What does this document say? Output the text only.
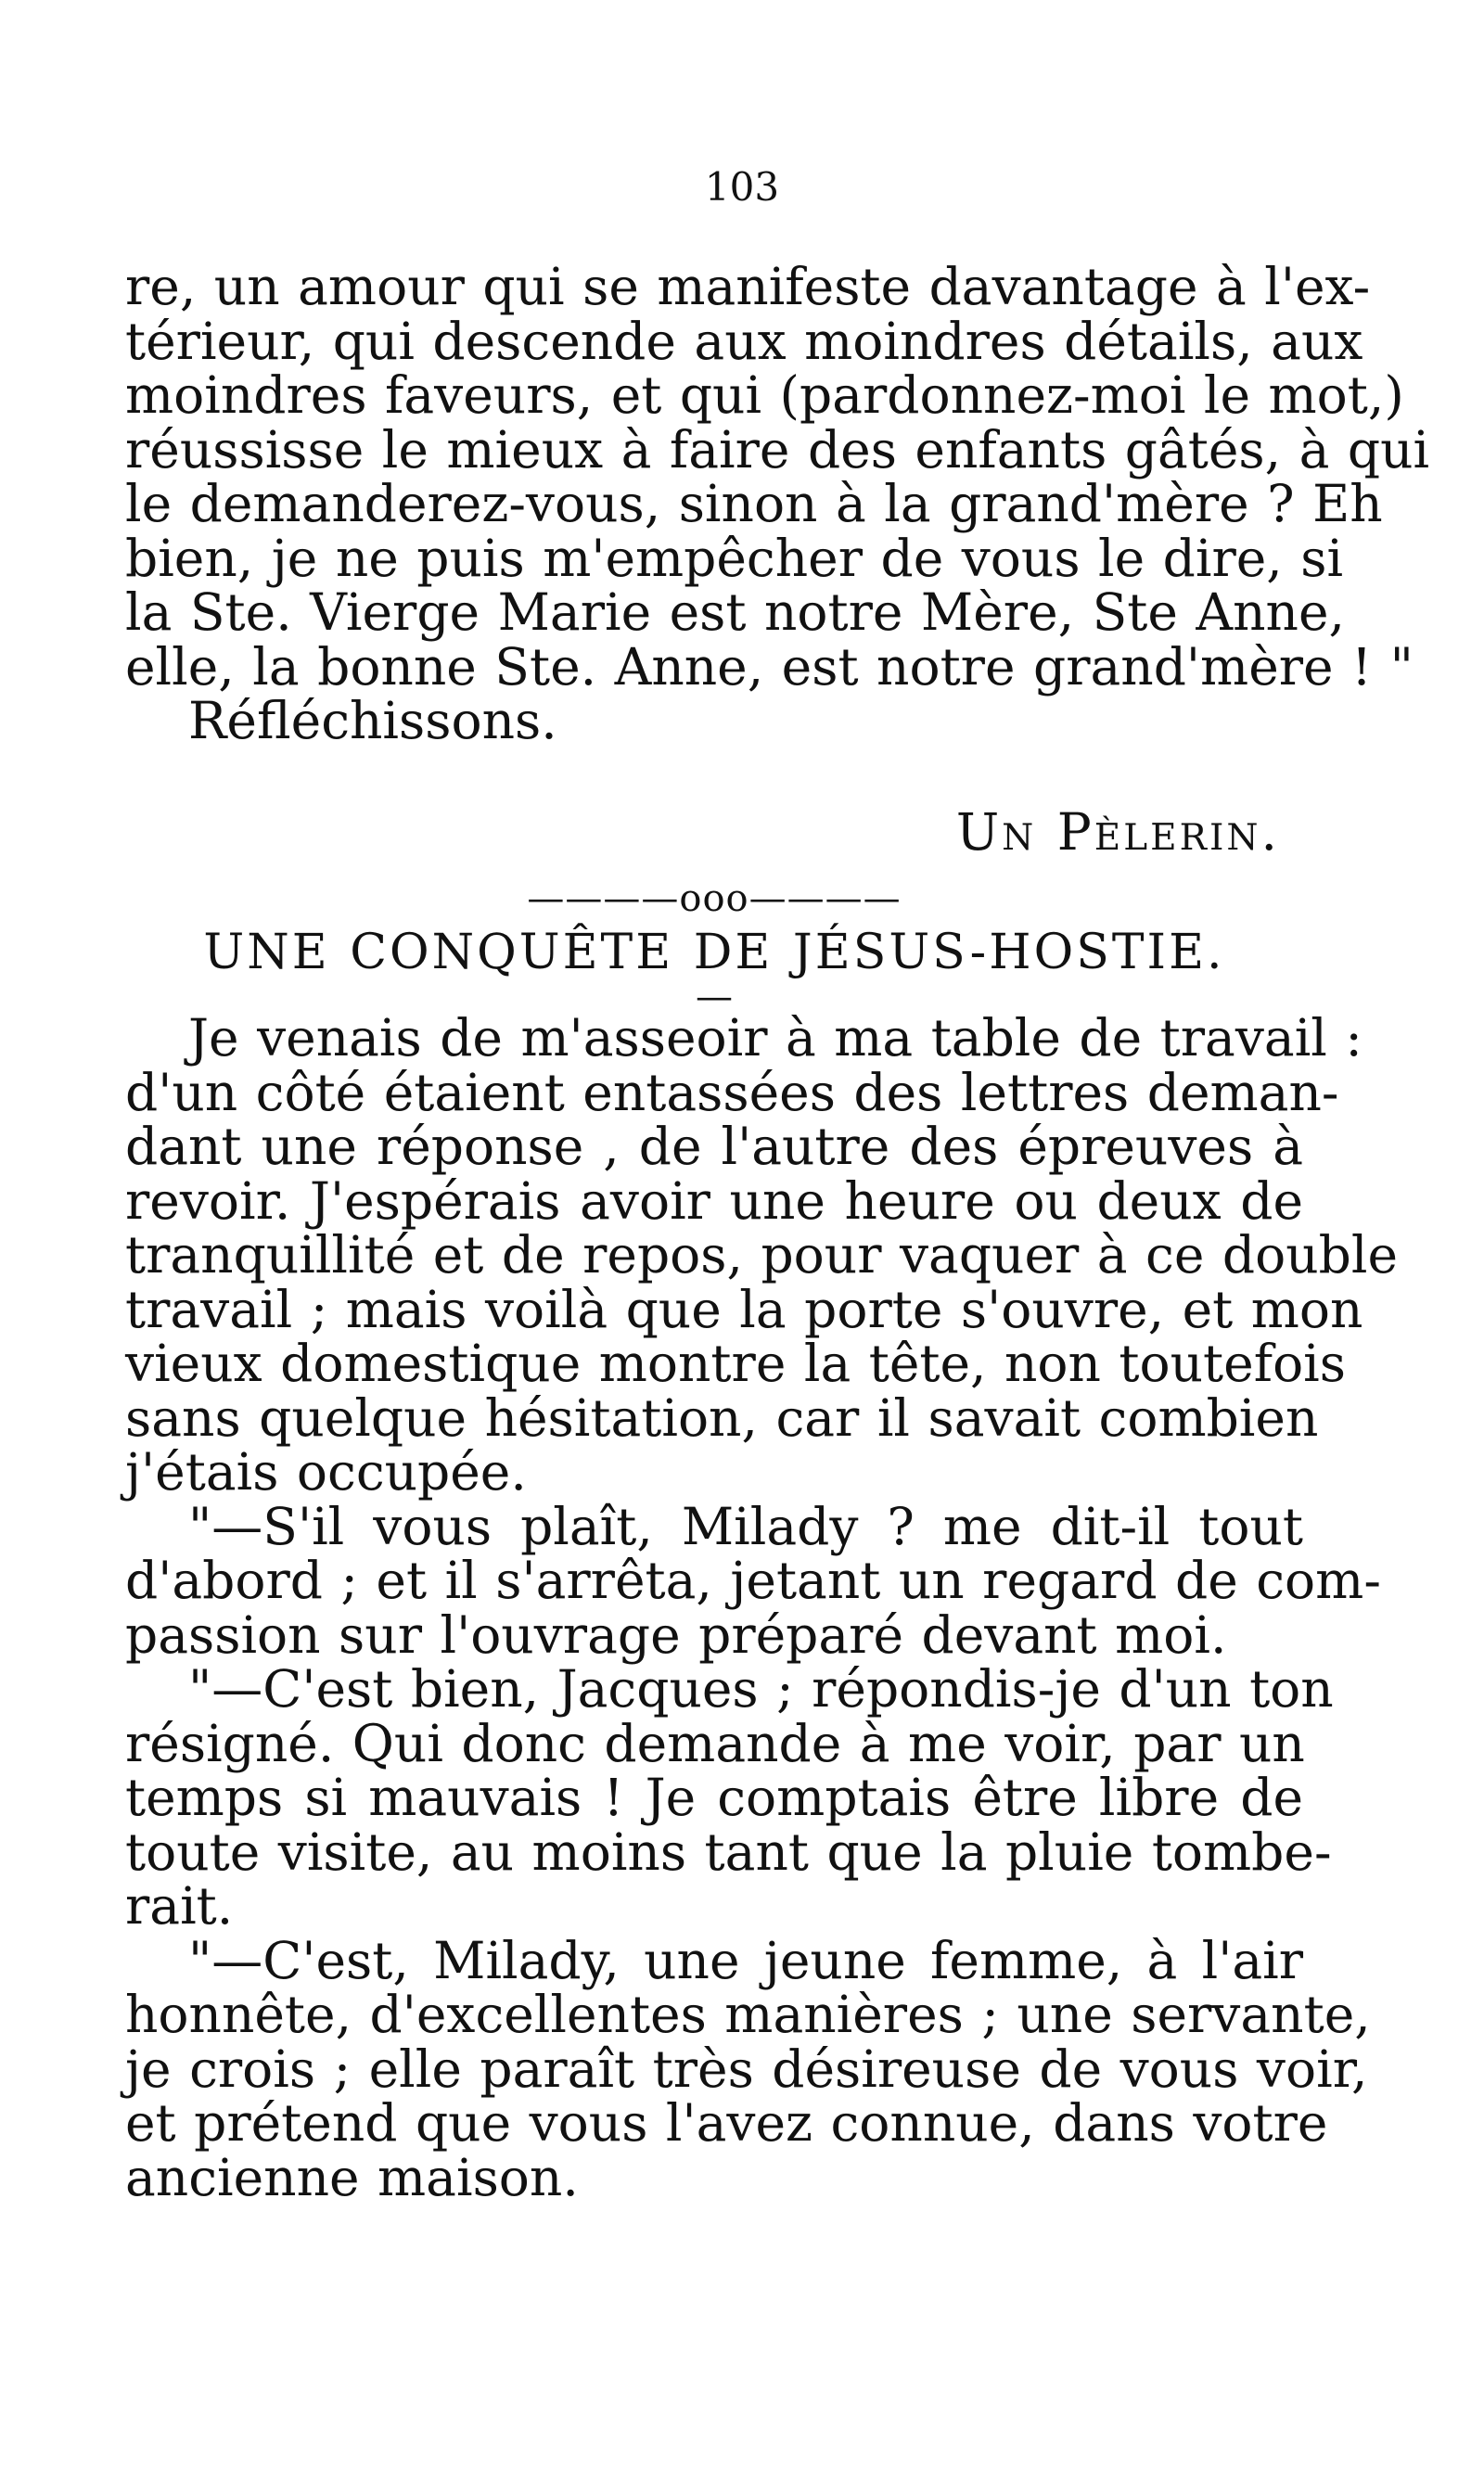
103
re, un amour qui se manifeste davantage à l'ex-
térieur, qui descende aux moindres détails, aux
moindres faveurs, et qui (pardonnez-moi le mot,)
réussisse le mieux à faire des enfants gâtés, à qui
le demanderez-vous, sinon à la grand'mère ? Eh
bien, je ne puis m'empêcher de vous le dire, si
la Ste. Vierge Marie est notre Mère, Ste Anne,
elle, la bonne Ste. Anne, est notre grand'mère ! "
Réfléchissons.
Un Pèlerin.
————ooo————
UNE CONQUÊTE DE JÉSUS-HOSTIE.
—
Je venais de m'asseoir à ma table de travail :
d'un côté étaient entassées des lettres deman-
dant une réponse , de l'autre des épreuves à
revoir. J'espérais avoir une heure ou deux de
tranquillité et de repos, pour vaquer à ce double
travail ; mais voilà que la porte s'ouvre, et mon
vieux domestique montre la tête, non toutefois
sans quelque hésitation, car il savait combien
j'étais occupée.
"—S'il vous plaît, Milady ? me dit-il tout
d'abord ; et il s'arrêta, jetant un regard de com-
passion sur l'ouvrage préparé devant moi.
"—C'est bien, Jacques ; répondis-je d'un ton
résigné. Qui donc demande à me voir, par un
temps si mauvais ! Je comptais être libre de
toute visite, au moins tant que la pluie tombe-
rait.
"—C'est, Milady, une jeune femme, à l'air
honnête, d'excellentes manières ; une servante,
je crois ; elle paraît très désireuse de vous voir,
et prétend que vous l'avez connue, dans votre
ancienne maison.
